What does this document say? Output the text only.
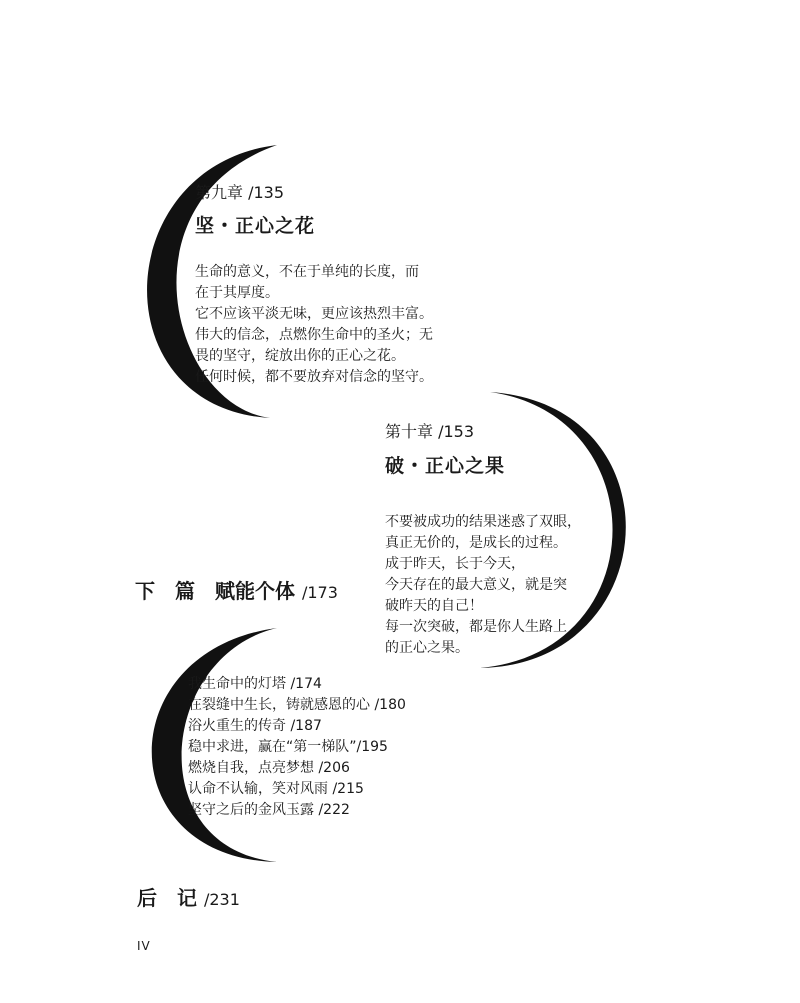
第九章 /135
坚・正心之花
生命的意义，不在于单纯的长度，而
在于其厚度。
它不应该平淡无味，更应该热烈丰富。
伟大的信念，点燃你生命中的圣火；无
畏的坚守，绽放出你的正心之花。
任何时候，都不要放弃对信念的坚守。
第十章 /153
破・正心之果
不要被成功的结果迷惑了双眼，
真正无价的，是成长的过程。
成于昨天，长于今天，
今天存在的最大意义，就是突
破昨天的自己！
每一次突破，都是你人生路上
的正心之果。
下　篇 赋能个体 /173
我生命中的灯塔 /174
在裂缝中生长，铸就感恩的心 /180
浴火重生的传奇 /187
稳中求进，赢在“第一梯队”/195
燃烧自我，点亮梦想 /206
认命不认输，笑对风雨 /215
坚守之后的金风玉露 /222
后　记 /231
IV
